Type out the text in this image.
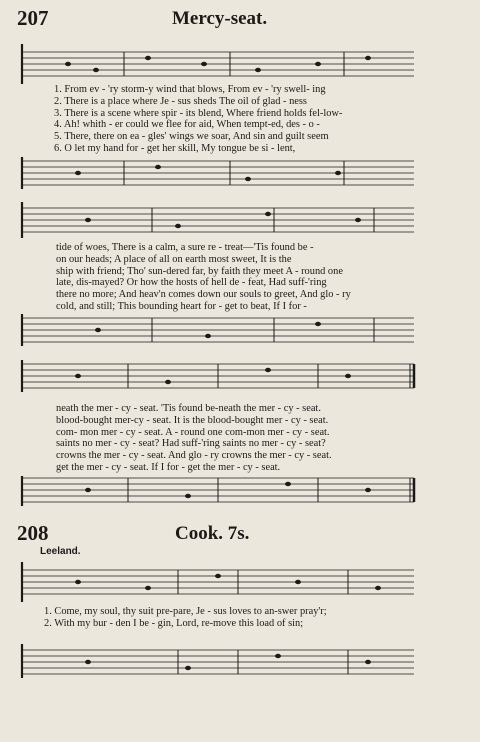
207	Mercy-seat.
1. From ev - 'ry storm-y wind that blows, From ev - 'ry swell- ing
2. There is a place where Je - sus sheds The oil of glad - ness
3. There is a scene where spir - its blend, Where friend holds fel-low-
4. Ah! whith - er could we flee for aid, When tempt-ed, des - o -
5. There, there on ea - gles' wings we soar, And sin and guilt seem
6. O let my hand for - get her skill, My tongue be si - lent,
tide of woes, There is a calm, a sure re - treat—'Tis found be -
on our heads; A place of all on earth most sweet, It is the
ship with friend; Tho' sun-dered far, by faith they meet A - round one
late, dis-mayed? Or how the hosts of hell de - feat, Had suff-'ring
there no more; And heav'n comes down our souls to greet, And glo - ry
cold, and still; This bounding heart for - get to beat, If I for -
neath the mer - cy - seat. 'Tis found be-neath the mer - cy - seat.
blood-bought mer-cy - seat. It is the blood-bought mer - cy - seat.
com- mon mer - cy - seat. A - round one com-mon mer - cy - seat.
saints no mer - cy - seat? Had suff-'ring saints no mer - cy - seat?
crowns the mer - cy - seat. And glo - ry crowns the mer - cy - seat.
get the mer - cy - seat. If I for - get the mer - cy - seat.
208	Cook. 7s.
Leeland.
1. Come, my soul, thy suit pre-pare, Je - sus loves to an-swer pray'r;
2. With my bur - den I be - gin, Lord, re-move this load of sin;
